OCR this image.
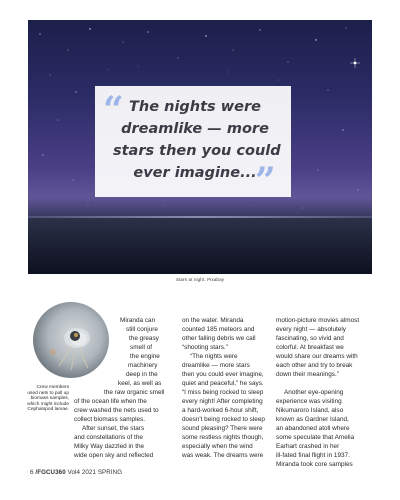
“ The nights were
dreamlike — more
stars then you could
ever imagine...

”
Stars at night. Pixabay

Crew members
used nets to pull up
biomass samples,
which might include
Cephalopod larvae.

Miranda can
still conjure
the greasy
smell of
the engine
machinery
deep in the
keel, as well as
the raw organic smell
of the ocean life when the
crew washed the nets used to
collect biomass samples.

After sunset, the stars
and constellations of the
Milky Way dazzled in the
wide open sky and reflected

on the water. Miranda
counted 185 meteors and
other falling debris we call
“shooting stars.”

“The nights were
dreamlike — more stars
then you could ever imagine,
quiet and peaceful,” he says.
“I miss being rocked to sleep
every night! After completing
a hard-worked 6-hour shift,
doesn't being rocked to sleep
sound pleasing? There were
some restless nights though,
especially when the wind
was weak. The dreams were

motion-picture movies almost
every night — absolutely
fascinating, so vivid and
colorful. At breakfast we
would share our dreams with
each other and try to break
down their meanings.”

Another eye-opening
experience was visiting
Nikumaroro Island, also
known as Gardner Island,
an abandoned atoll where
some speculate that Amelia
Earhart crashed in her
ill-fated final flight in 1937.
Miranda took core samples

6 /FGCU360 Vol4 2021 SPRING
